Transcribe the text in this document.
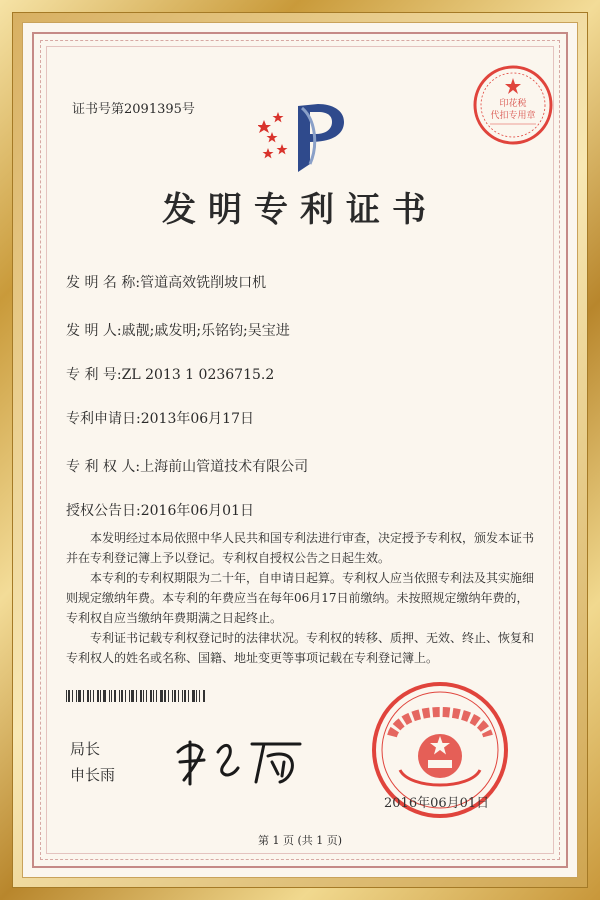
证书号第2091395号	印花税
代扣专用章
发明专利证书
发 明 名 称:管道高效铣削坡口机
发 明 人:戚靓;戚发明;乐铭钧;吴宝进
专 利 号:ZL 2013 1 0236715.2
专利申请日:2013年06月17日
专 利 权 人:上海前山管道技术有限公司
授权公告日:2016年06月01日

本发明经过本局依照中华人民共和国专利法进行审查，决定授予专利权，颁发本证书并在专利登记簿上予以登记。专利权自授权公告之日起生效。

本专利的专利权期限为二十年，自申请日起算。专利权人应当依照专利法及其实施细则规定缴纳年费。本专利的年费应当在每年06月17日前缴纳。未按照规定缴纳年费的，专利权自应当缴纳年费期满之日起终止。

专利证书记载专利权登记时的法律状况。专利权的转移、质押、无效、终止、恢复和专利权人的姓名或名称、国籍、地址变更等事项记载在专利登记簿上。

局长
申长雨
2016年06月01日
第 1 页 (共 1 页)
